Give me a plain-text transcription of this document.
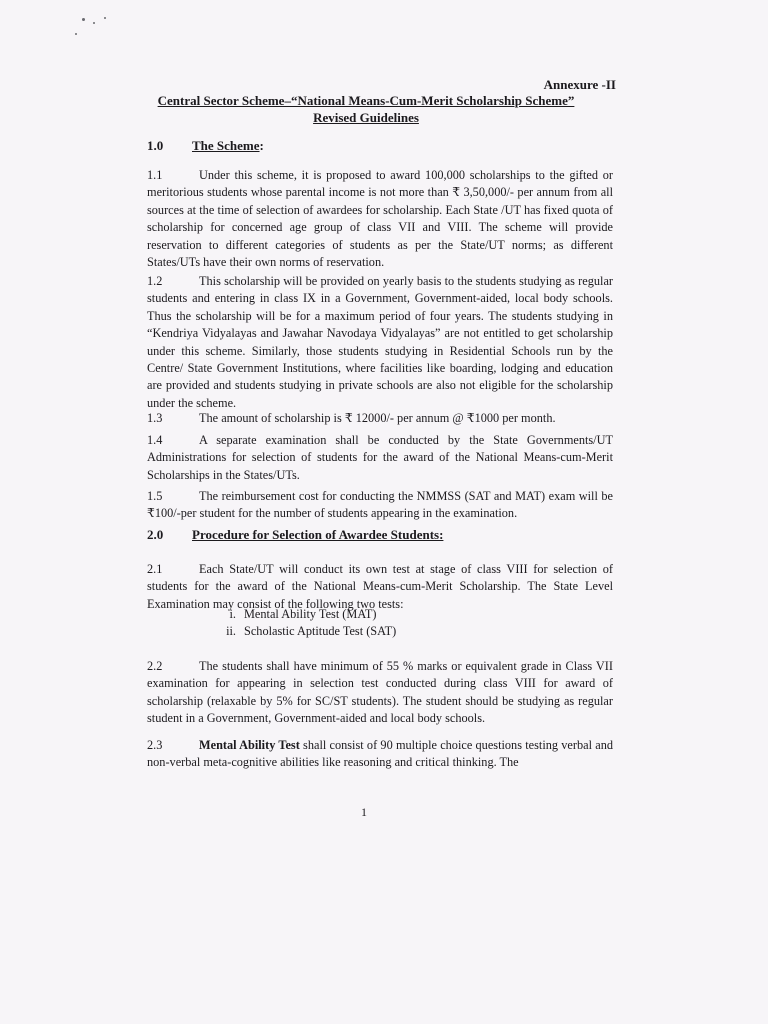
Annexure -II
Central Sector Scheme–“National Means-Cum-Merit Scholarship Scheme”
Revised Guidelines
1.0 The Scheme:
1.1	Under this scheme, it is proposed to award 100,000 scholarships to the gifted or meritorious students whose parental income is not more than ₹ 3,50,000/- per annum from all sources at the time of selection of awardees for scholarship. Each State /UT has fixed quota of scholarship for concerned age group of class VII and VIII. The scheme will provide reservation to different categories of students as per the State/UT norms; as different States/UTs have their own norms of reservation.
1.2	This scholarship will be provided on yearly basis to the students studying as regular students and entering in class IX in a Government, Government-aided, local body schools. Thus the scholarship will be for a maximum period of four years. The students studying in “Kendriya Vidyalayas and Jawahar Navodaya Vidyalayas” are not entitled to get scholarship under this scheme. Similarly, those students studying in Residential Schools run by the Centre/ State Government Institutions, where facilities like boarding, lodging and education are provided and students studying in private schools are also not eligible for the scholarship under the scheme.
1.3	The amount of scholarship is ₹ 12000/- per annum @ ₹1000 per month.
1.4	A separate examination shall be conducted by the State Governments/UT Administrations for selection of students for the award of the National Means-cum-Merit Scholarships in the States/UTs.
1.5	The reimbursement cost for conducting the NMMSS (SAT and MAT) exam will be ₹100/-per student for the number of students appearing in the examination.
2.0 Procedure for Selection of Awardee Students:
2.1	Each State/UT will conduct its own test at stage of class VIII for selection of students for the award of the National Means-cum-Merit Scholarship. The State Level Examination may consist of the following two tests:
i. Mental Ability Test (MAT)
ii. Scholastic Aptitude Test (SAT)
2.2	The students shall have minimum of 55 % marks or equivalent grade in Class VII examination for appearing in selection test conducted during class VIII for award of scholarship (relaxable by 5% for SC/ST students). The student should be studying as regular student in a Government, Government-aided and local body schools.
2.3	Mental Ability Test shall consist of 90 multiple choice questions testing verbal and non-verbal meta-cognitive abilities like reasoning and critical thinking. The
1
